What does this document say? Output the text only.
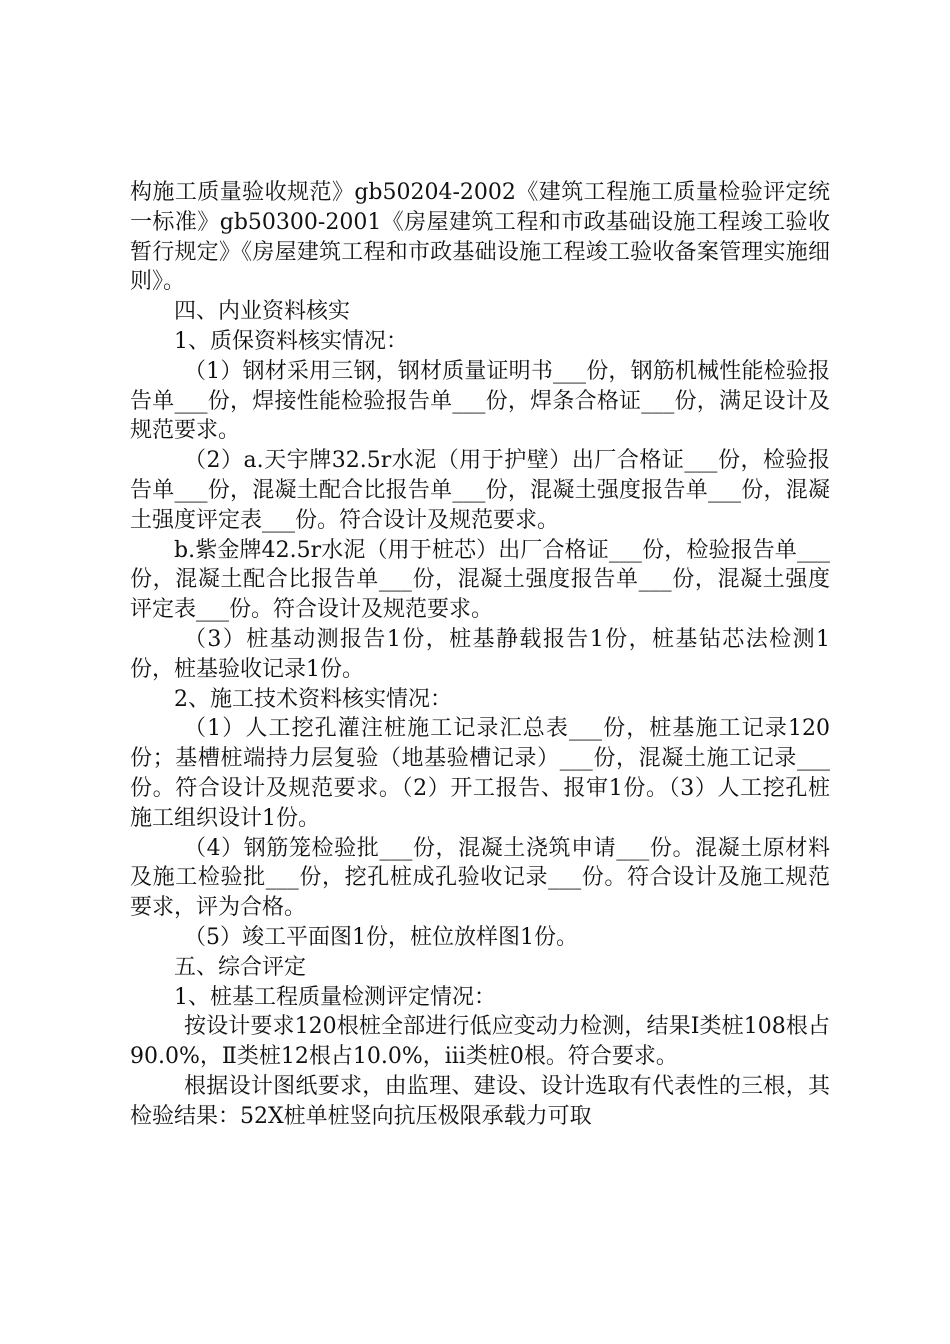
构施工质量验收规范》gb50204-2002《建筑工程施工质量检验评定统一标准》gb50300-2001《房屋建筑工程和市政基础设施工程竣工验收暂行规定》《房屋建筑工程和市政基础设施工程竣工验收备案管理实施细则》。

四、内业资料核实

1、质保资料核实情况：

（1）钢材采用三钢，钢材质量证明书___份，钢筋机械性能检验报告单___份，焊接性能检验报告单___份，焊条合格证___份，满足设计及规范要求。

（2）a.天宇牌32.5r水泥（用于护壁）出厂合格证___份，检验报告单___份，混凝土配合比报告单___份，混凝土强度报告单___份，混凝土强度评定表___份。符合设计及规范要求。

b.紫金牌42.5r水泥（用于桩芯）出厂合格证___份，检验报告单___份，混凝土配合比报告单___份，混凝土强度报告单___份，混凝土强度评定表___份。符合设计及规范要求。

（3）桩基动测报告1份，桩基静载报告1份，桩基钻芯法检测1份，桩基验收记录1份。

2、施工技术资料核实情况：

（1）人工挖孔灌注桩施工记录汇总表___份，桩基施工记录120份；基槽桩端持力层复验（地基验槽记录）___份，混凝土施工记录___份。符合设计及规范要求。（2）开工报告、报审1份。（3）人工挖孔桩施工组织设计1份。

（4）钢筋笼检验批___份，混凝土浇筑申请___份。混凝土原材料及施工检验批___份，挖孔桩成孔验收记录___份。符合设计及施工规范要求，评为合格。

（5）竣工平面图1份，桩位放样图1份。

五、综合评定

1、桩基工程质量检测评定情况：

按设计要求120根桩全部进行低应变动力检测，结果Ⅰ类桩108根占90.0%，Ⅱ类桩12根占10.0%，iii类桩0根。符合要求。

根据设计图纸要求，由监理、建设、设计选取有代表性的三根，其检验结果：52X桩单桩竖向抗压极限承载力可取
